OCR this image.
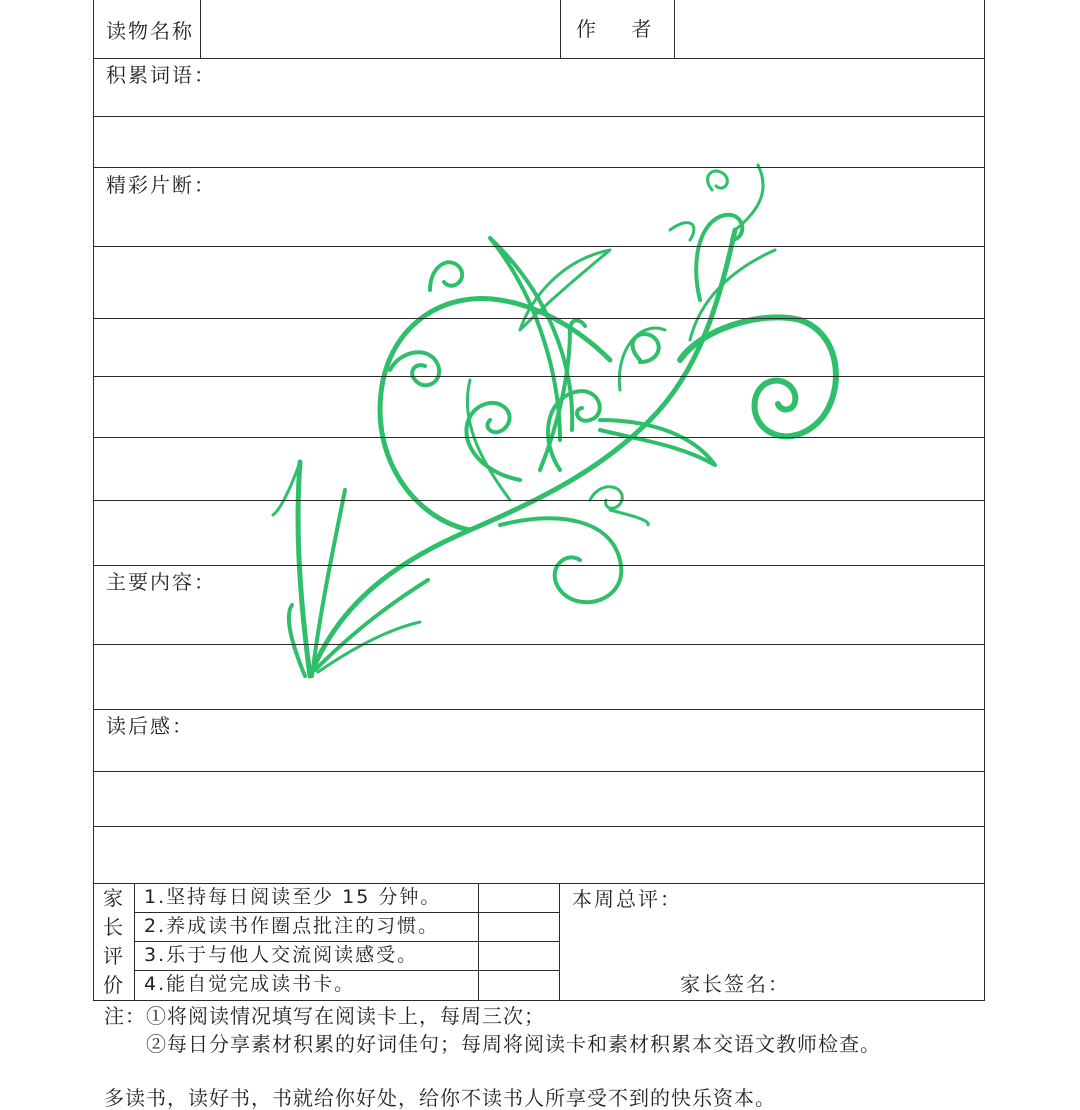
读物名称	作    者
积累词语：
精彩片断：
主要内容：
读后感：
家
长
评
价
1.坚持每日阅读至少 15 分钟。
2.养成读书作圈点批注的习惯。
3.乐于与他人交流阅读感受。
4.能自觉完成读书卡。
本周总评：
家长签名：
注：①将阅读情况填写在阅读卡上，每周三次；
②每日分享素材积累的好词佳句；每周将阅读卡和素材积累本交语文教师检查。
多读书，读好书，书就给你好处，给你不读书人所享受不到的快乐资本。
